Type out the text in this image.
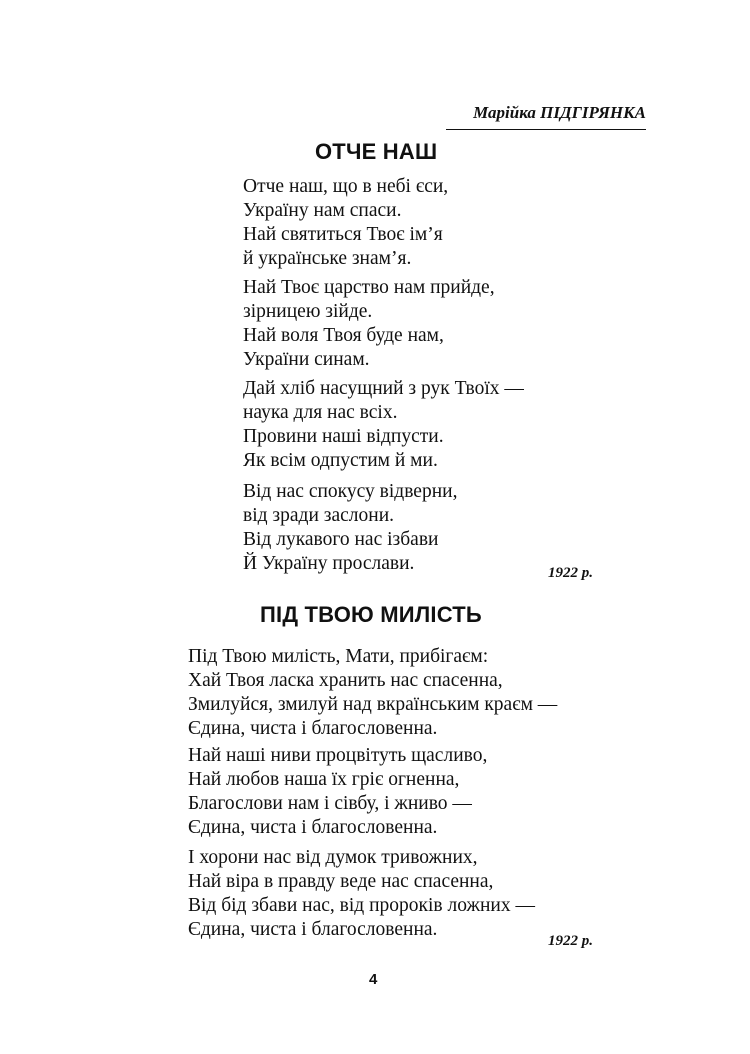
Марійка ПІДГІРЯНКА
ОТЧЕ НАШ
Отче наш, що в небі єси,
Україну нам спаси.
Най святиться Твоє ім’я
й українське знам’я.
Най Твоє царство нам прийде,
зірницею зійде.
Най воля Твоя буде нам,
України синам.
Дай хліб насущний з рук Твоїх —
наука для нас всіх.
Провини наші відпусти.
Як всім одпустим й ми.
Від нас спокусу відверни,
від зради заслони.
Від лукавого нас ізбави
Й Україну прослави.	1922 р.
ПІД ТВОЮ МИЛІСТЬ
Під Твою милість, Мати, прибігаєм:
Хай Твоя ласка хранить нас спасенна,
Змилуйся, змилуй над вкраїнським краєм —
Єдина, чиста і благословенна.
Най наші ниви процвітуть щасливо,
Най любов наша їх гріє огненна,
Благослови нам і сівбу, і жниво —
Єдина, чиста і благословенна.
І хорони нас від думок тривожних,
Най віра в правду веде нас спасенна,
Від бід збави нас, від пророків ложних —
Єдина, чиста і благословенна.
1922 р.
4
